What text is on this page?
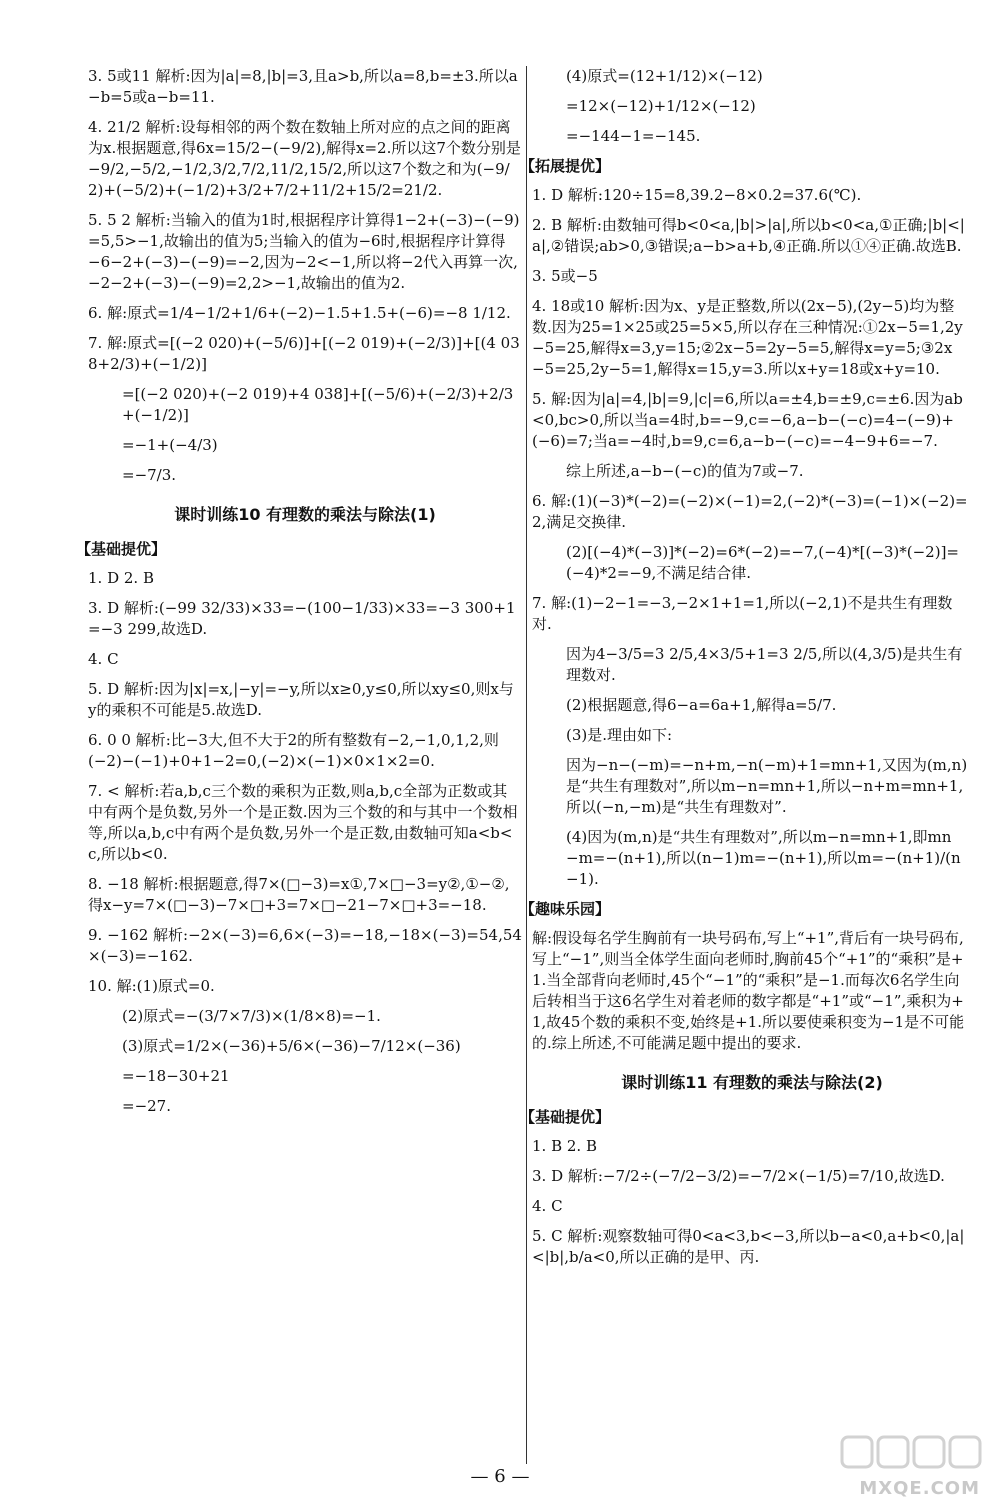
3. 5或11 解析:因为|a|=8,|b|=3,且a>b,所以a=8,b=±3.所以a−b=5或a−b=11.
4. 21/2 解析:设每相邻的两个数在数轴上所对应的点之间的距离为x.根据题意,得6x=15/2−(−9/2),解得x=2.所以这7个数分别是−9/2,−5/2,−1/2,3/2,7/2,11/2,15/2,所以这7个数之和为(−9/2)+(−5/2)+(−1/2)+3/2+7/2+11/2+15/2=21/2.
5. 5 2 解析:当输入的值为1时,根据程序计算得1−2+(−3)−(−9)=5,5>−1,故输出的值为5;当输入的值为−6时,根据程序计算得−6−2+(−3)−(−9)=−2,因为−2<−1,所以将−2代入再算一次,−2−2+(−3)−(−9)=2,2>−1,故输出的值为2.
6. 解:原式=1/4−1/2+1/6+(−2)−1.5+1.5+(−6)=−8 1/12.
7. 解:原式=[(−2 020)+(−5/6)]+[(−2 019)+(−2/3)]+[(4 038+2/3)+(−1/2)]
=[(−2 020)+(−2 019)+4 038]+[(−5/6)+(−2/3)+2/3+(−1/2)]
=−1+(−4/3)
=−7/3.
课时训练10 有理数的乘法与除法(1)
【基础提优】
1. D 2. B
3. D 解析:(−99 32/33)×33=−(100−1/33)×33=−3 300+1=−3 299,故选D.
4. C
5. D 解析:因为|x|=x,|−y|=−y,所以x≥0,y≤0,所以xy≤0,则x与y的乘积不可能是5.故选D.
6. 0 0 解析:比−3大,但不大于2的所有整数有−2,−1,0,1,2,则(−2)−(−1)+0+1−2=0,(−2)×(−1)×0×1×2=0.
7. < 解析:若a,b,c三个数的乘积为正数,则a,b,c全部为正数或其中有两个是负数,另外一个是正数.因为三个数的和与其中一个数相等,所以a,b,c中有两个是负数,另外一个是正数,由数轴可知a<b<c,所以b<0.
8. −18 解析:根据题意,得7×(□−3)=x①,7×□−3=y②,①−②,得x−y=7×(□−3)−7×□+3=7×□−21−7×□+3=−18.
9. −162 解析:−2×(−3)=6,6×(−3)=−18,−18×(−3)=54,54×(−3)=−162.
10. 解:(1)原式=0.
(2)原式=−(3/7×7/3)×(1/8×8)=−1.
(3)原式=1/2×(−36)+5/6×(−36)−7/12×(−36)
=−18−30+21
=−27.
(4)原式=(12+1/12)×(−12)
=12×(−12)+1/12×(−12)
=−144−1=−145.
【拓展提优】
1. D 解析:120÷15=8,39.2−8×0.2=37.6(℃).
2. B 解析:由数轴可得b<0<a,|b|>|a|,所以b<0<a,①正确;|b|<|a|,②错误;ab>0,③错误;a−b>a+b,④正确.所以①④正确.故选B.
3. 5或−5
4. 18或10 解析:因为x、y是正整数,所以(2x−5),(2y−5)均为整数.因为25=1×25或25=5×5,所以存在三种情况:①2x−5=1,2y−5=25,解得x=3,y=15;②2x−5=2y−5=5,解得x=y=5;③2x−5=25,2y−5=1,解得x=15,y=3.所以x+y=18或x+y=10.
5. 解:因为|a|=4,|b|=9,|c|=6,所以a=±4,b=±9,c=±6.因为ab<0,bc>0,所以当a=4时,b=−9,c=−6,a−b−(−c)=4−(−9)+(−6)=7;当a=−4时,b=9,c=6,a−b−(−c)=−4−9+6=−7.
综上所述,a−b−(−c)的值为7或−7.
6. 解:(1)(−3)*(−2)=(−2)×(−1)=2,(−2)*(−3)=(−1)×(−2)=2,满足交换律.
(2)[(−4)*(−3)]*(−2)=6*(−2)=−7,(−4)*[(−3)*(−2)]=(−4)*2=−9,不满足结合律.
7. 解:(1)−2−1=−3,−2×1+1=1,所以(−2,1)不是共生有理数对.
因为4−3/5=3 2/5,4×3/5+1=3 2/5,所以(4,3/5)是共生有理数对.
(2)根据题意,得6−a=6a+1,解得a=5/7.
(3)是.理由如下:
因为−n−(−m)=−n+m,−n(−m)+1=mn+1,又因为(m,n)是“共生有理数对”,所以m−n=mn+1,所以−n+m=mn+1,所以(−n,−m)是“共生有理数对”.
(4)因为(m,n)是“共生有理数对”,所以m−n=mn+1,即mn−m=−(n+1),所以(n−1)m=−(n+1),所以m=−(n+1)/(n−1).
【趣味乐园】
解:假设每名学生胸前有一块号码布,写上“+1”,背后有一块号码布,写上“−1”,则当全体学生面向老师时,胸前45个“+1”的“乘积”是+1.当全部背向老师时,45个“−1”的“乘积”是−1.而每次6名学生向后转相当于这6名学生对着老师的数字都是“+1”或“−1”,乘积为+1,故45个数的乘积不变,始终是+1.所以要使乘积变为−1是不可能的.综上所述,不可能满足题中提出的要求.
课时训练11 有理数的乘法与除法(2)
【基础提优】
1. B 2. B
3. D 解析:−7/2÷(−7/2−3/2)=−7/2×(−1/5)=7/10,故选D.
4. C
5. C 解析:观察数轴可得0<a<3,b<−3,所以b−a<0,a+b<0,|a|<|b|,b/a<0,所以正确的是甲、丙.
— 6 —
MXQE.COM
